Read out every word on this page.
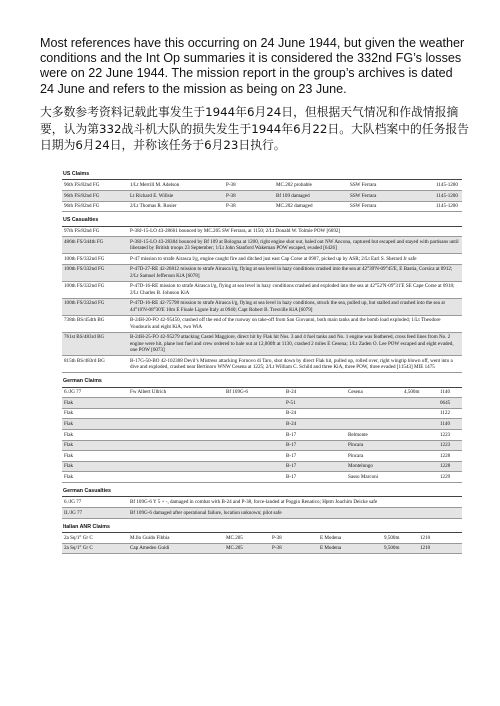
Most references have this occurring on 24 June 1944, but given the weather conditions and the Int Op summaries it is considered the 332nd FG’s losses were on 22 June 1944. The mission report in the group’s archives is dated 24 June and refers to the mission as being on 23 June.

大多数参考资料记载此事发生于1944年6月24日，但根据天气情况和作战情报摘要，认为第332战斗机大队的损失发生于1944年6月22日。大队档案中的任务报告日期为6月24日，并称该任务于6月23日执行。

US Claims
96th FS/82nd FG	1/Lt Merrill M. Adelson	P-38	MC.202 probable	SSW Ferrara	1145-1200
96th FS/82nd FG	Lt Richard E. Willsie	P-38	Bf 109 damaged	SSW Ferrara	1145-1200
96th FS/82nd FG	2/Lt Thomas R. Rosier	P-38	MC.202 damaged	SSW Ferrara	1145-1200
US Casualties
97th FS/82nd FG	P-38J-15-LO 43-28661 bounced by MC.205 SW Ferrara, at 1150; 2/Lt Donald W. Tolmie POW [6692]
486th FS/344th FG	P-38J-15-LO 43-28384 bounced by Bf 109 at Bologna at 1200, right engine shot out, baled out NW Ancona, captured but escaped and stayed with partisans until liberated by British troops 23 September; 1/Lt John Stanford Wakeman POW escaped, evaded [6426]
100th FS/332nd FG	P-47 mission to strafe Airasca l/g, engine caught fire and ditched just east Cap Corse at 0907, picked up by ASR; 2/Lt Earl S. Sherard Jr safe
100th FS/332nd FG	P-47D-27-RE 42-26812 mission to strafe Airasca l/g, flying at sea level in hazy conditions crashed into the sea at 42°39'N-09°45'E, E Bastia, Corsica at 0912; 2/Lt Samuel Jefferson KiA [6078]
100th FS/332nd FG	P-47D-16-RE mission to strafe Airasca l/g, flying at sea level in hazy conditions crashed and exploded into the sea at 42°52'N-09°31'E SE Cape Corse at 0918; 2/Lt Charles B. Johnson KiA
100th FS/332nd FG	P-47D-16-RE 42-75798 mission to strafe Airasca l/g, flying at sea level in hazy conditions, struck the sea, pulled up, but stalled and crashed into the sea at 44°10'N-08°30'E 10m E Finale Ligure Italy at 0940; Capt Robert B. Tresville KiA [6079]
738th BS/454th BG	B-24H-20-FO 42-95450, crashed off the end of the runway on take-off from San Giovanni, both main tanks and the bomb load exploded; 1/Lt Theodore Voudouris and eight KiA, two WiA
761st BS/483rd BG	B-24H-25-FO 42-95279 attacking Castel Maggiore, direct hit by Flak hit Nos. 3 and 4 fuel tanks and No. 1 engine was feathered, cross feed lines from No. 2 engine were hit, plane lost fuel and crew ordered to bale out at 12,000ft at 1130, crashed 2 miles E Cesena; 1/Lt Zaden O. Lee POW escaped and eight evaded, one POW [6073]
815th BS/483rd BG	B-17G-50-BO 42-102388 Devil’s Mistress attacking Fornovo di Taro, shot down by direct Flak hit, pulled up, rolled over, right wingtip blown off, went into a dive and exploded, crashed near Bertinoro WNW Cesena at 1225; 2/Lt William C. Schild and three KiA, three POW, three evaded [11543] MIE 1475
German Claims
6./JG 77	Fw Albert Ullrich	Bf 109G-6	B-24	Cesena	4,500m	1140
Flak			P-51			0645
Flak			B-24			1122
Flak			B-24			1140
Flak			B-17	Belmonte		1223
Flak			B-17	Pincara		1223
Flak			B-17	Pincara		1228
Flak			B-17	Montelungo		1228
Flak			B-17	Sasso Marconi		1229
German Casualties
6./JG 77	Bf 109G-6 Y 5 + -, damaged in combat with B-24 and P-38, force-landed at Poggio Renatico; Hptm Joachim Deicke safe
II./JG 77	Bf 109G-6 damaged after operational failure, location unknown; pilot safe
Italian ANR Claims
2a Sq/1° Gr C	M.llo Guido Fibbia	MC.205	P-38	E Modena	9,500m	1210
2a Sq/1° Gr C	Cap Amedeo Guidi	MC.205	P-38	E Modena	9,500m	1210
